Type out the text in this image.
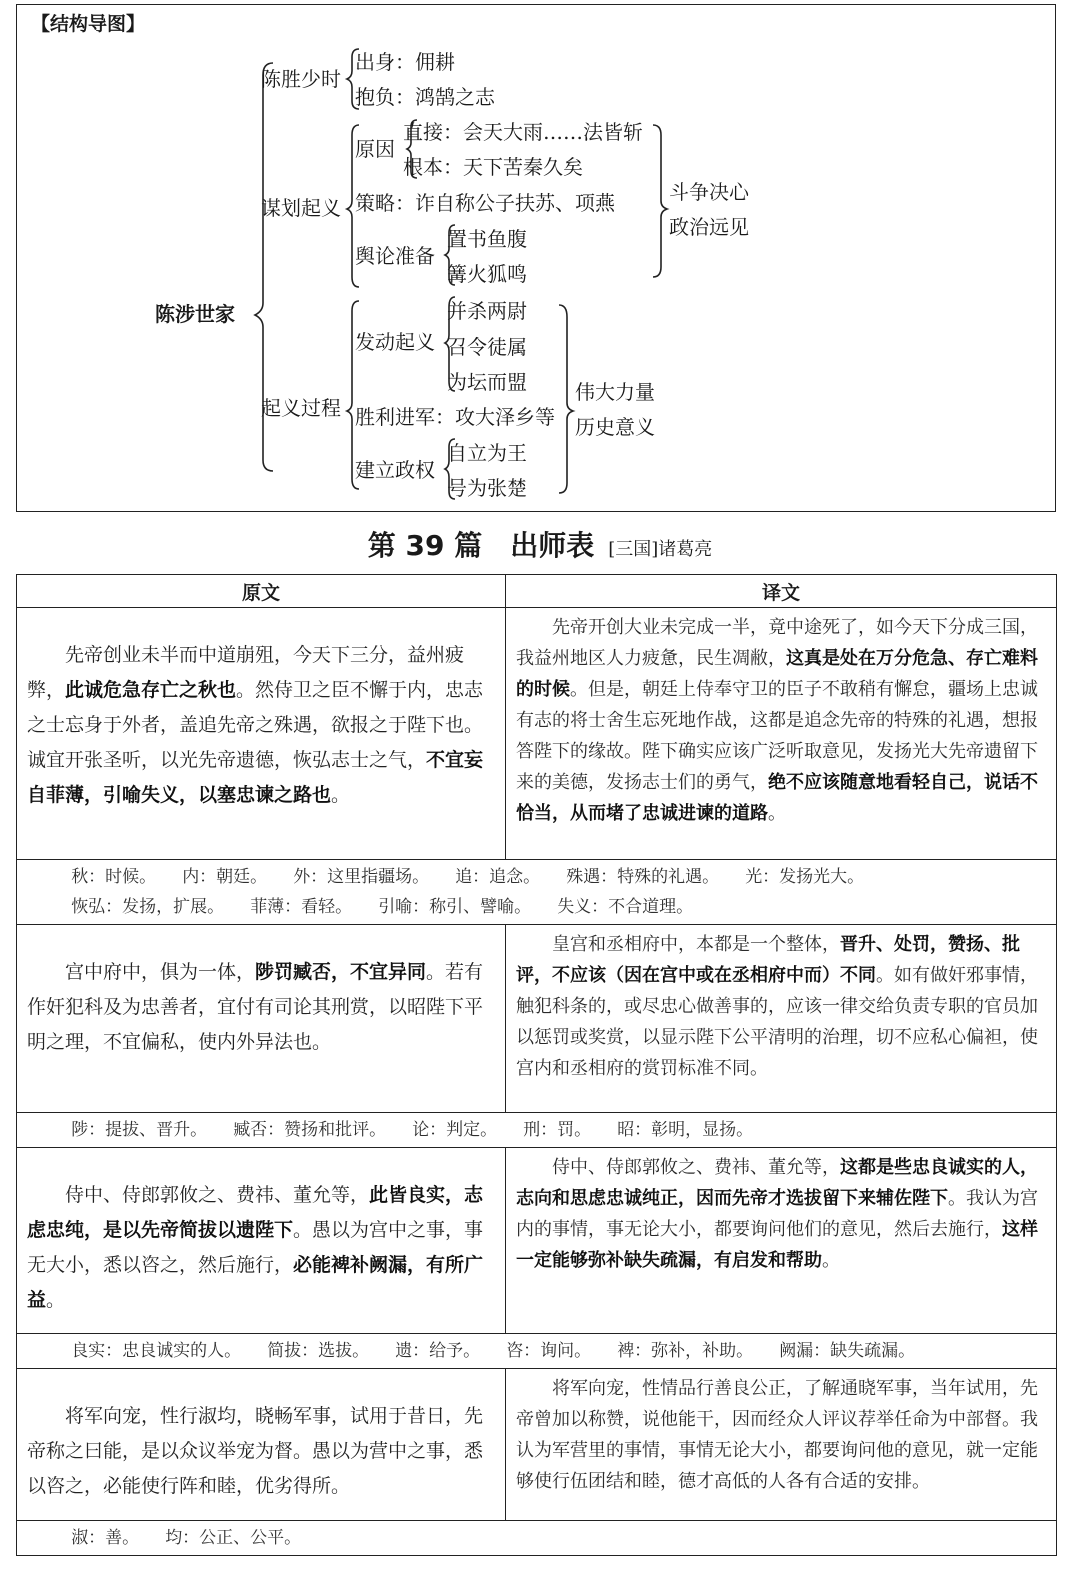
【结构导图】
陈涉世家
陈胜少时
出身：佣耕
抱负：鸿鹄之志
谋划起义
原因
直接：会天大雨……法皆斩
根本：天下苦秦久矣
策略：诈自称公子扶苏、项燕
舆论准备
置书鱼腹
篝火狐鸣
斗争决心
政治远见
起义过程
发动起义
并杀两尉
召令徒属
为坛而盟
胜利进军：攻大泽乡等
建立政权
自立为王
号为张楚
伟大力量
历史意义
第 39 篇　出师表 [三国]诸葛亮
原文	译文
先帝创业未半而中道崩殂，今天下三分，益州疲弊，此诚危急存亡之秋也。然侍卫之臣不懈于内，忠志之士忘身于外者，盖追先帝之殊遇，欲报之于陛下也。诚宜开张圣听，以光先帝遗德，恢弘志士之气，不宜妄自菲薄，引喻失义，以塞忠谏之路也。	先帝开创大业未完成一半，竟中途死了，如今天下分成三国，我益州地区人力疲惫，民生凋敝，这真是处在万分危急、存亡难料的时候。但是，朝廷上侍奉守卫的臣子不敢稍有懈怠，疆场上忠诚有志的将士舍生忘死地作战，这都是追念先帝的特殊的礼遇，想报答陛下的缘故。陛下确实应该广泛听取意见，发扬光大先帝遗留下来的美德，发扬志士们的勇气，绝不应该随意地看轻自己，说话不恰当，从而堵了忠诚进谏的道路。

秋：时候。 内：朝廷。 外：这里指疆场。 追：追念。 殊遇：特殊的礼遇。 光：发扬光大。
恢弘：发扬，扩展。 菲薄：看轻。 引喻：称引、譬喻。 失义：不合道理。	

宫中府中，俱为一体，陟罚臧否，不宜异同。若有作奸犯科及为忠善者，宜付有司论其刑赏，以昭陛下平明之理，不宜偏私，使内外异法也。	皇宫和丞相府中，本都是一个整体，晋升、处罚，赞扬、批评，不应该（因在宫中或在丞相府中而）不同。如有做奸邪事情，触犯科条的，或尽忠心做善事的，应该一律交给负责专职的官员加以惩罚或奖赏，以显示陛下公平清明的治理，切不应私心偏袒，使宫内和丞相府的赏罚标准不同。

陟：提拔、晋升。 臧否：赞扬和批评。 论：判定。 刑：罚。 昭：彰明，显扬。	

侍中、侍郎郭攸之、费祎、董允等，此皆良实，志虑忠纯，是以先帝简拔以遗陛下。愚以为宫中之事，事无大小，悉以咨之，然后施行，必能裨补阙漏，有所广益。	侍中、侍郎郭攸之、费祎、董允等，这都是些忠良诚实的人，志向和思虑忠诚纯正，因而先帝才选拔留下来辅佐陛下。我认为宫内的事情，事无论大小，都要询问他们的意见，然后去施行，这样一定能够弥补缺失疏漏，有启发和帮助。

良实：忠良诚实的人。 简拔：选拔。 遗：给予。 咨：询问。 裨：弥补，补助。 阙漏：缺失疏漏。	

将军向宠，性行淑均，晓畅军事，试用于昔日，先帝称之曰能，是以众议举宠为督。愚以为营中之事，悉以咨之，必能使行阵和睦，优劣得所。	将军向宠，性情品行善良公正，了解通晓军事，当年试用，先帝曾加以称赞，说他能干，因而经众人评议荐举任命为中部督。我认为军营里的事情，事情无论大小，都要询问他的意见，就一定能够使行伍团结和睦，德才高低的人各有合适的安排。

淑：善。 均：公正、公平。	
